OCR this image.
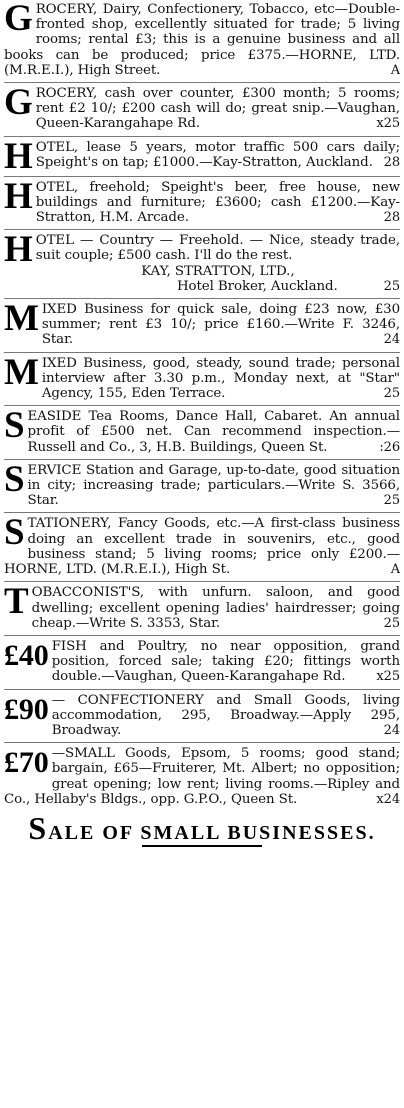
G ROCERY, Dairy, Confectionery, Tobacco, etc—Double-fronted shop, excellently situated for trade; 5 living rooms; rental £3; this is a genuine business and all books can be produced; price £375.—HORNE, LTD. (M.R.E.I.), High Street.	A
G ROCERY, cash over counter, £300 month; 5 rooms; rent £2 10/; £200 cash will do; great snip.—Vaughan, Queen-Karangahape Rd.	x25
H OTEL, lease 5 years, motor traffic 500 cars daily; Speight's on tap; £1000.—Kay-Stratton, Auckland. 28
H OTEL, freehold; Speight's beer, free house, new buildings and furniture; £3600; cash £1200.—Kay-Stratton, H.M. Arcade.	28
H OTEL — Country — Freehold. — Nice, steady trade, suit couple; £500 cash. I'll do the rest.
KAY, STRATTON, LTD.,
Hotel Broker, Auckland.	25
M IXED Business for quick sale, doing £23 now, £30 summer; rent £3 10/; price £160.—Write F. 3246, Star.	24
M IXED Business, good, steady, sound trade; personal interview after 3.30 p.m., Monday next, at "Star" Agency, 155, Eden Terrace.	25
S EASIDE Tea Rooms, Dance Hall, Cabaret. An annual profit of £500 net. Can recommend inspection.—Russell and Co., 3, H.B. Buildings, Queen St.	:26
S ERVICE Station and Garage, up-to-date, good situation in city; increasing trade; particulars.—Write S. 3566, Star.	25
S TATIONERY, Fancy Goods, etc.—A first-class business doing an excellent trade in souvenirs, etc., good business stand; 5 living rooms; price only £200.—HORNE, LTD. (M.R.E.I.), High St.	A
T OBACCONIST'S, with unfurn. saloon, and good dwelling; excellent opening ladies' hairdresser; going cheap.—Write S. 3353, Star.	25
£40 FISH and Poultry, no near opposition, grand position, forced sale; taking £20; fittings worth double.—Vaughan, Queen-Karangahape Rd. x25
£90 — CONFECTIONERY and Small Goods, living accommodation, 295, Broadway.—Apply 295, Broadway.	24
£70 —SMALL Goods, Epsom, 5 rooms; good stand; bargain, £65—Fruiterer, Mt. Albert; no opposition; great opening; low rent; living rooms.—Ripley and Co., Hellaby's Bldgs., opp. G.P.O., Queen St.	x24
SALE OF SMALL BUSINESSES.
